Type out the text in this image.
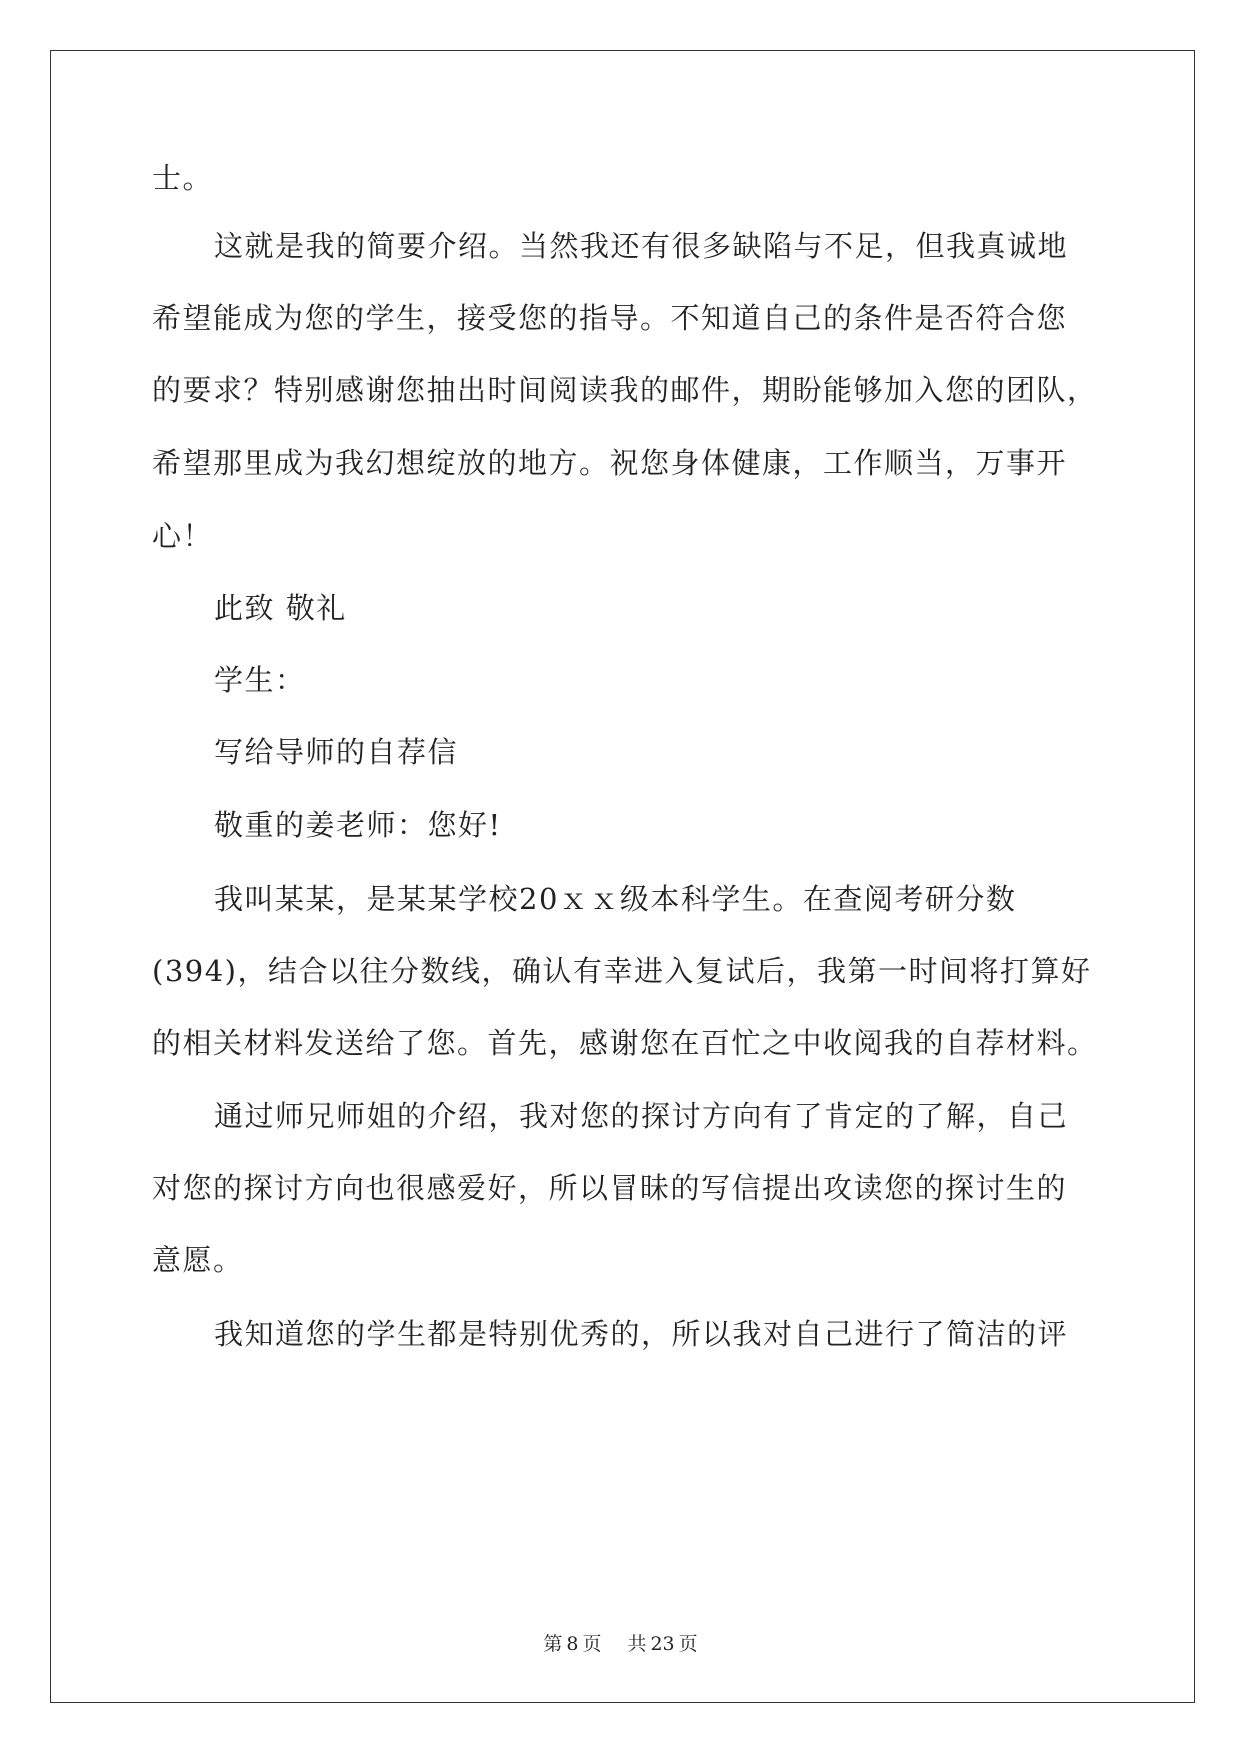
士。
这就是我的简要介绍。当然我还有很多缺陷与不足，但我真诚地
希望能成为您的学生，接受您的指导。不知道自己的条件是否符合您
的要求？特别感谢您抽出时间阅读我的邮件，期盼能够加入您的团队，
希望那里成为我幻想绽放的地方。祝您身体健康，工作顺当，万事开
心！
此致 敬礼
学生：
写给导师的自荐信
敬重的姜老师：您好!
我叫某某，是某某学校20ｘｘ级本科学生。在查阅考研分数
(394)，结合以往分数线，确认有幸进入复试后，我第一时间将打算好
的相关材料发送给了您。首先，感谢您在百忙之中收阅我的自荐材料。
通过师兄师姐的介绍，我对您的探讨方向有了肯定的了解，自己
对您的探讨方向也很感爱好，所以冒昧的写信提出攻读您的探讨生的
意愿。
我知道您的学生都是特别优秀的，所以我对自己进行了简洁的评
第 8 页 共 23 页
